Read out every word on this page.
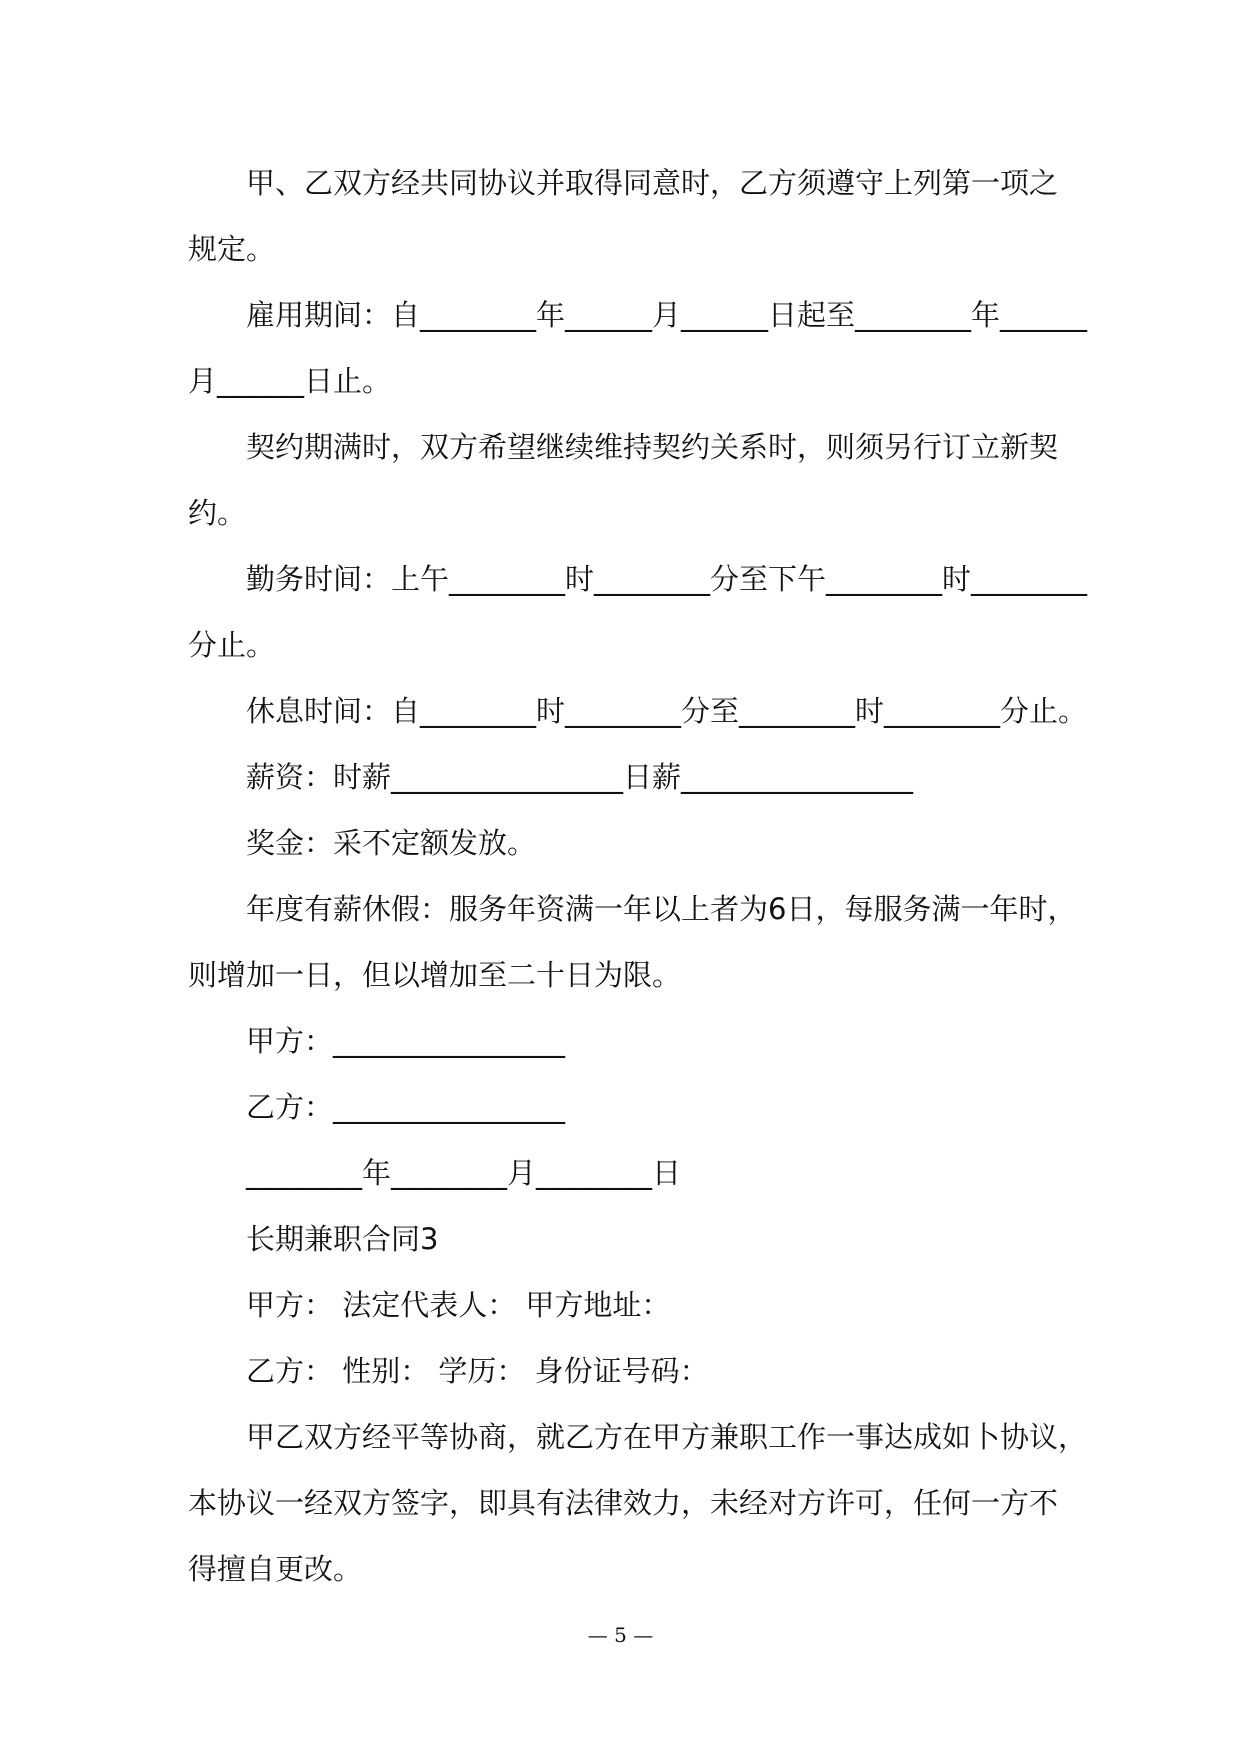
甲、乙双方经共同协议并取得同意时，乙方须遵守上列第一项之

规定。

雇用期间：自________年______月______日起至________年______

月______日止。

契约期满时，双方希望继续维持契约关系时，则须另行订立新契

约。

勤务时间：上午________时________分至下午________时________

分止。

休息时间：自________时________分至________时________分止。

薪资：时薪________________日薪________________

奖金：采不定额发放。

年度有薪休假：服务年资满一年以上者为6日，每服务满一年时，

则增加一日，但以增加至二十日为限。

甲方：________________

乙方：________________

________年________月________日

长期兼职合同3

甲方： 法定代表人： 甲方地址：

乙方： 性别： 学历： 身份证号码：

甲乙双方经平等协商，就乙方在甲方兼职工作一事达成如卜协议，

本协议一经双方签字，即具有法律效力，未经对方许可，任何一方不

得擅自更改。

— 5 —
